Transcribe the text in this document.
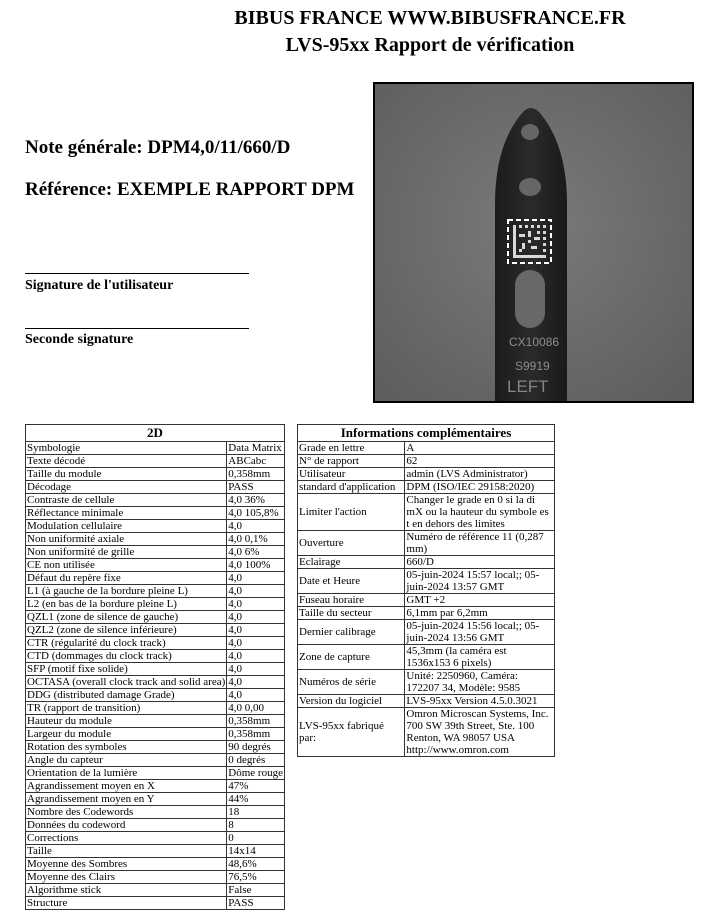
BIBUS FRANCE WWW.BIBUSFRANCE.FR
LVS-95xx Rapport de vérification
Note générale: DPM4,0/11/660/D
Référence: EXEMPLE RAPPORT DPM
Signature de l'utilisateur
Seconde signature	CX10086
S9919
LEFT
2D	
Symbologie	Data Matrix
Texte décodé	ABCabc
Taille du module	0,358mm
Décodage	PASS
Contraste de cellule	4,0 36%
Réflectance minimale	4,0 105,8%
Modulation cellulaire	4,0
Non uniformité axiale	4,0 0,1%
Non uniformité de grille	4,0 6%
CE non utilisée	4,0 100%
Défaut du repère fixe	4,0
L1 (à gauche de la bordure pleine L)	4,0
L2 (en bas de la bordure pleine L)	4,0
QZL1 (zone de silence de gauche)	4,0
QZL2 (zone de silence inférieure)	4,0
CTR (régularité du clock track)	4,0
CTD (dommages du clock track)	4,0
SFP (motif fixe solide)	4,0
OCTASA (overall clock track and solid area)	4,0
DDG (distributed damage Grade)	4,0
TR (rapport de transition)	4,0 0,00
Hauteur du module	0,358mm
Largeur du module	0,358mm
Rotation des symboles	90 degrés
Angle du capteur	0 degrés
Orientation de la lumière	Dôme rouge
Agrandissement moyen en X	47%
Agrandissement moyen en Y	44%
Nombre des Codewords	18
Données du codeword	8
Corrections	0
Taille	14x14
Moyenne des Sombres	48,6%
Moyenne des Clairs	76,5%
Algorithme stick	False
Structure	PASS
Informations complémentaires	
Grade en lettre	A
N° de rapport	62
Utilisateur	admin (LVS Administrator)
standard d'application	DPM (ISO/IEC 29158:2020)
Limiter l'action	Changer le grade en 0 si la di mX ou la hauteur du symbole es t en dehors des limites
Ouverture	Numéro de référence 11 (0,287 mm)
Eclairage	660/D
Date et Heure	05-juin-2024 15:57 local;; 05-juin-2024 13:57 GMT
Fuseau horaire	GMT +2
Taille du secteur	6,1mm par 6,2mm
Dernier calibrage	05-juin-2024 15:56 local;; 05-juin-2024 13:56 GMT
Zone de capture	45,3mm (la caméra est 1536x153 6 pixels)
Numéros de série	Unité: 2250960, Caméra: 172207 34, Modèle: 9585
Version du logiciel	LVS-95xx Version 4.5.0.3021
LVS-95xx fabriqué par:	Omron Microscan Systems, Inc. 700 SW 39th Street, Ste. 100 Renton, WA 98057 USA http://www.omron.com
